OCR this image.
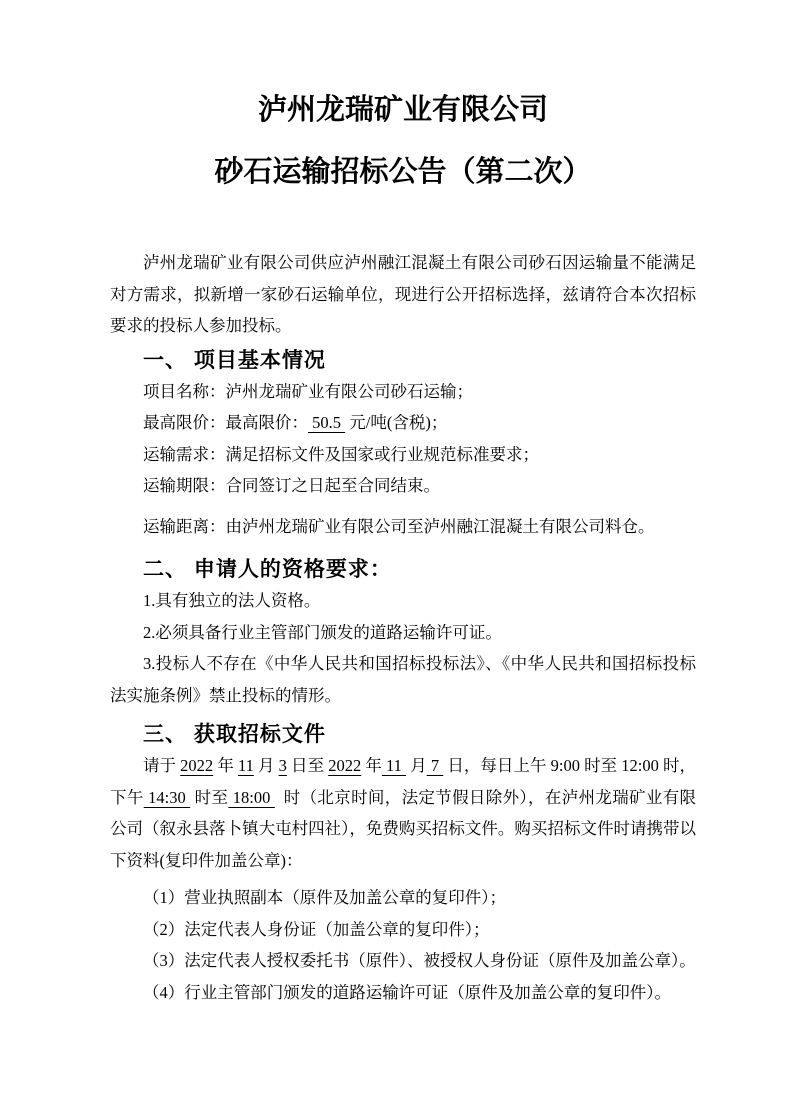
泸州龙瑞矿业有限公司

砂石运输招标公告（第二次）

泸州龙瑞矿业有限公司供应泸州融江混凝土有限公司砂石因运输量不能满足对方需求，拟新增一家砂石运输单位，现进行公开招标选择，兹请符合本次招标要求的投标人参加投标。

一、 项目基本情况

项目名称：泸州龙瑞矿业有限公司砂石运输；

最高限价：最高限价： 50.5  元/吨(含税)；

运输需求：满足招标文件及国家或行业规范标准要求；

运输期限：合同签订之日起至合同结束。

运输距离：由泸州龙瑞矿业有限公司至泸州融江混凝土有限公司料仓。

二、 申请人的资格要求：

1.具有独立的法人资格。

2.必须具备行业主管部门颁发的道路运输许可证。

3.投标人不存在《中华人民共和国招标投标法》、《中华人民共和国招标投标法实施条例》禁止投标的情形。

三、 获取招标文件

请于 2022 年 11 月 3 日至 2022 年 11  月 7  日，每日上午 9:00 时至 12:00 时，下午 14:30  时至 18:00   时（北京时间，法定节假日除外），在泸州龙瑞矿业有限公司（叙永县落卜镇大屯村四社），免费购买招标文件。购买招标文件时请携带以下资料(复印件加盖公章)：

（1）营业执照副本（原件及加盖公章的复印件）；

（2）法定代表人身份证（加盖公章的复印件）；

（3）法定代表人授权委托书（原件）、被授权人身份证（原件及加盖公章）。

（4）行业主管部门颁发的道路运输许可证（原件及加盖公章的复印件）。
